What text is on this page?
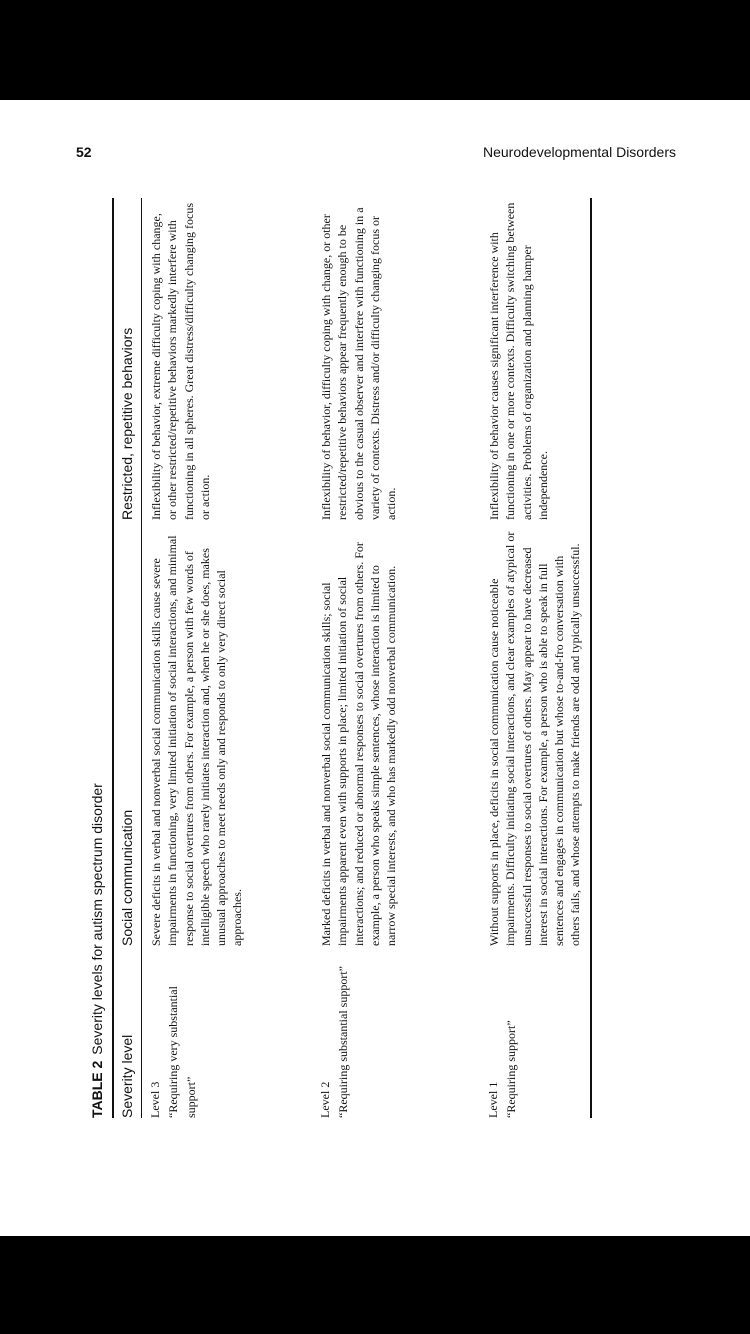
52	Neurodevelopmental Disorders
TABLE 2Severity levels for autism spectrum disorder
Severity level
Social communication
Restricted, repetitive behaviors
Level 3 “Requiring very substantial support”
Severe deficits in verbal and nonverbal social communication skills cause severe impairments in functioning, very limited initiation of social interactions, and minimal response to social overtures from others. For example, a person with few words of intelligible speech who rarely initiates interaction and, when he or she does, makes unusual approaches to meet needs only and responds to only very direct social approaches.
Inflexibility of behavior, extreme difficulty coping with change, or other restricted/repetitive behaviors markedly interfere with functioning in all spheres. Great distress/difficulty changing focus or action.
Level 2 “Requiring substantial support”
Marked deficits in verbal and nonverbal social communication skills; social impairments apparent even with supports in place; limited initiation of social interactions; and reduced or abnormal responses to social overtures from others. For example, a person who speaks simple sentences, whose interaction is limited to narrow special interests, and who has markedly odd nonverbal communication.
Inflexibility of behavior, difficulty coping with change, or other restricted/repetitive behaviors appear frequently enough to be obvious to the casual observer and interfere with functioning in a variety of contexts. Distress and/or difficulty changing focus or action.
Level 1 “Requiring support”
Without supports in place, deficits in social communication cause noticeable impairments. Difficulty initiating social interactions, and clear examples of atypical or unsuccessful responses to social overtures of others. May appear to have decreased interest in social interactions. For example, a person who is able to speak in full sentences and engages in communication but whose to-and-fro conversation with others fails, and whose attempts to make friends are odd and typically unsuccessful.
Inflexibility of behavior causes significant interference with functioning in one or more contexts. Difficulty switching between activities. Problems of organization and planning hamper independence.
